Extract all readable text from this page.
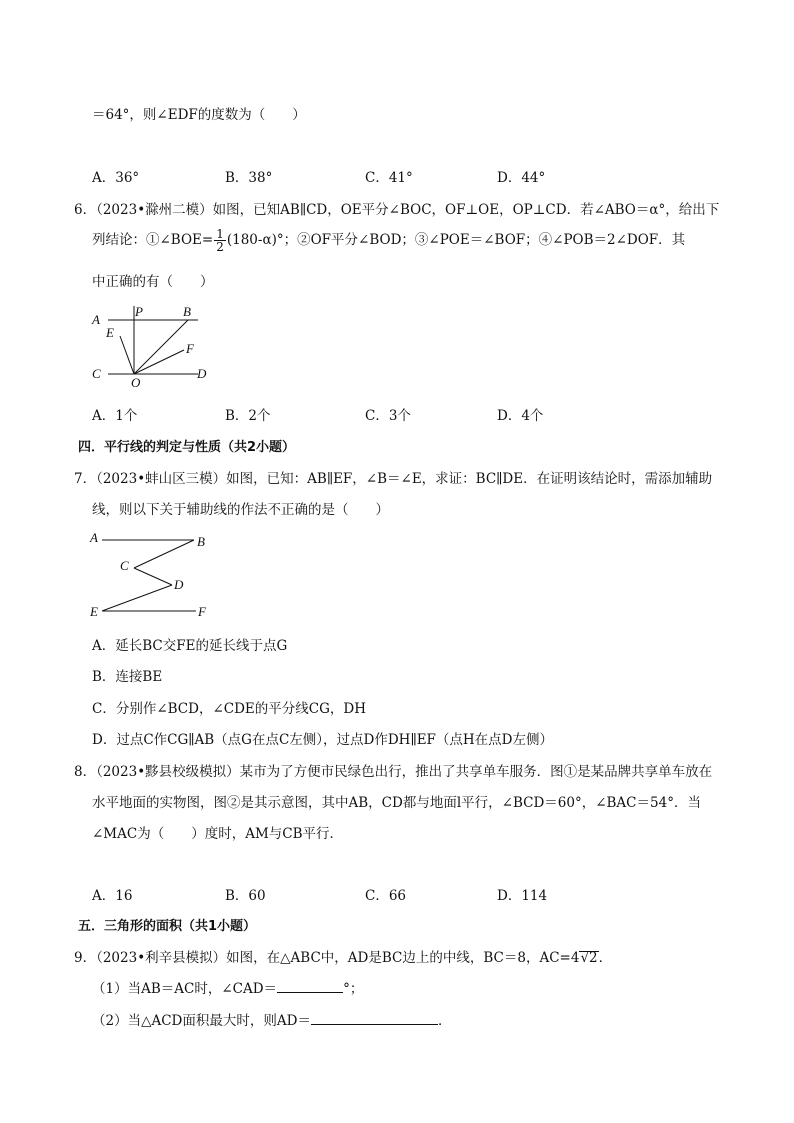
＝64°，则∠EDF的度数为（　　）
A．36°	B．38°	C．41°	D．44°
6．（2023•滁州二模）如图，已知AB∥CD，OE平分∠BOC，OF⊥OE，OP⊥CD．若∠ABO＝α°，给出下
列结论：①∠BOE= $\frac{1}{2} (180-\alpha)^\circ$；②OF平分∠BOD；③∠POE＝∠BOF；④∠POB＝2∠DOF．其
中正确的有（　　）
A
P	B
E
F
C
O
D
A．1个	B．2个	C．3个	D．4个
四．平行线的判定与性质（共2小题）
7．（2023•蚌山区三模）如图，已知：AB∥EF，∠B＝∠E，求证：BC∥DE．在证明该结论时，需添加辅助
线，则以下关于辅助线的作法不正确的是（　　）
A	B
C
D
E	F
A．延长BC交FE的延长线于点G
B．连接BE
C．分别作∠BCD，∠CDE的平分线CG，DH
D．过点C作CG∥AB（点G在点C左侧），过点D作DH∥EF（点H在点D左侧）
8．（2023•黟县校级模拟）某市为了方便市民绿色出行，推出了共享单车服务．图①是某品牌共享单车放在
水平地面的实物图，图②是其示意图，其中AB，CD都与地面l平行，∠BCD＝60°，∠BAC＝54°．当
∠MAC为（　　）度时，AM与CB平行．
A．16	B．60	C．66	D．114
五．三角形的面积（共1小题）
9．（2023•利辛县模拟）如图，在△ABC中，AD是BC边上的中线，BC＝8，AC=4√2．
（1）当AB＝AC时，∠CAD＝	°；
（2）当△ACD面积最大时，则AD＝	．
